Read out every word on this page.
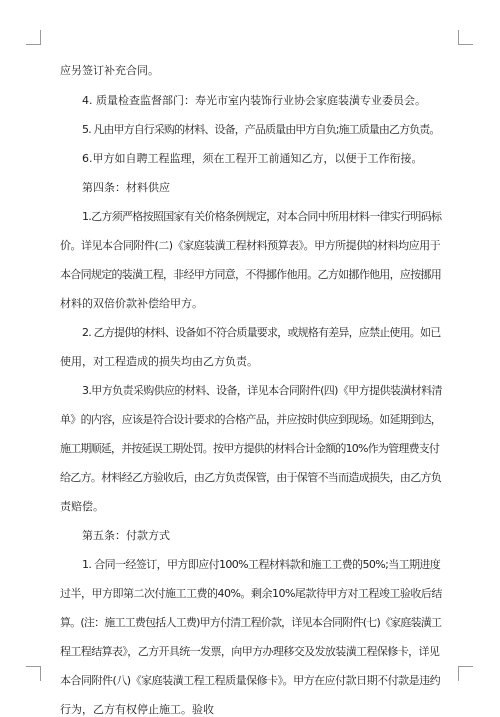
应另签订补充合同。
4. 质量检查监督部门：寿光市室内装饰行业协会家庭装潢专业委员会。
5. 凡由甲方自行采购的材料、设备，产品质量由甲方自负;施工质量由乙方负责。
6.甲方如自聘工程监理，须在工程开工前通知乙方，以便于工作衔接。
第四条：材料供应
1.乙方须严格按照国家有关价格条例规定，对本合同中所用材料一律实行明码标
价。详见本合同附件(二)《家庭装潢工程材料预算表》。甲方所提供的材料均应用于
本合同规定的装潢工程，非经甲方同意，不得挪作他用。乙方如挪作他用，应按挪用
材料的双倍价款补偿给甲方。
2. 乙方提供的材料、设备如不符合质量要求，或规格有差异，应禁止使用。如已
使用，对工程造成的损失均由乙方负责。
3.甲方负责采购供应的材料、设备，详见本合同附件(四)《甲方提供装潢材料清
单》的内容，应该是符合设计要求的合格产品，并应按时供应到现场。如延期到达，
施工期顺延，并按延误工期处罚。按甲方提供的材料合计金额的10%作为管理费支付
给乙方。材料经乙方验收后，由乙方负责保管，由于保管不当而造成损失，由乙方负
责赔偿。
第五条：付款方式
1. 合同一经签订，甲方即应付100%工程材料款和施工工费的50%;当工期进度
过半，甲方即第二次付施工工费的40%。剩余10%尾款待甲方对工程竣工验收后结
算。(注：施工工费包括人工费)甲方付清工程价款，详见本合同附件(七)《家庭装潢工
程工程结算表》，乙方开具统一发票，向甲方办理移交及发放装潢工程保修卡，详见
本合同附件(八)《家庭装潢工程工程质量保修卡》。甲方在应付款日期不付款是违约
行为，乙方有权停止施工。验收
